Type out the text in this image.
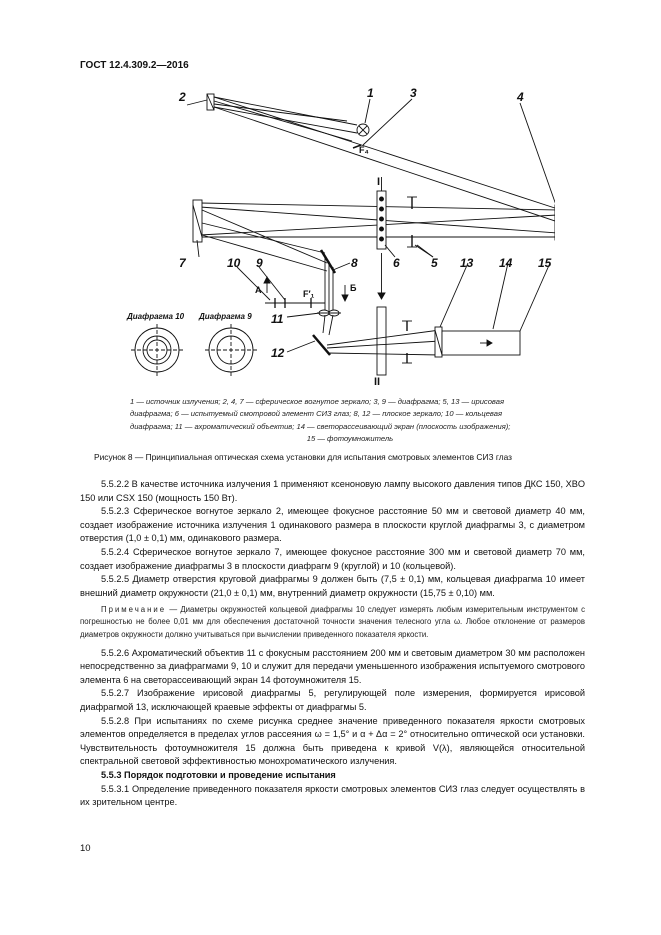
ГОСТ 12.4.309.2—2016
2	1	3	4
7	10 9	8	6	5 13 14 15
11
12
I
II
F₄
F′₁
А	Б
Диафрагма 10 Диафрагма 9
1 — источник излучения; 2, 4, 7 — сферическое вогнутое зеркало; 3, 9 — диафрагма; 5, 13 — ирисовая
диафрагма; 6 — испытуемый смотровой элемент СИЗ глаз; 8, 12 — плоское зеркало; 10 — кольцевая
диафрагма; 11 — ахроматический объектив; 14 — светорассеивающий экран (плоскость изображения);
15 — фотоумножитель
Рисунок 8 — Принципиальная оптическая схема установки для испытания смотровых элементов СИЗ глаз

5.5.2.2 В качестве источника излучения 1 применяют ксеноновую лампу высокого давления типов ДКС 150, XBO 150 или CSX 150 (мощность 150 Вт).

5.5.2.3 Сферическое вогнутое зеркало 2, имеющее фокусное расстояние 50 мм и световой диаметр 40 мм, создает изображение источника излучения 1 одинакового размера в плоскости круглой диафрагмы 3, с диаметром отверстия (1,0 ± 0,1) мм, одинакового размера.

5.5.2.4 Сферическое вогнутое зеркало 7, имеющее фокусное расстояние 300 мм и световой диаметр 70 мм, создает изображение диафрагмы 3 в плоскости диафрагм 9 (круглой) и 10 (кольцевой).

5.5.2.5 Диаметр отверстия круговой диафрагмы 9 должен быть (7,5 ± 0,1) мм, кольцевая диафрагма 10 имеет внешний диаметр окружности (21,0 ± 0,1) мм, внутренний диаметр окружности (15,75 ± 0,10) мм.

Примечание — Диаметры окружностей кольцевой диафрагмы 10 следует измерять любым измерительным инструментом с погрешностью не более 0,01 мм для обеспечения достаточной точности значения телесного угла ω. Любое отклонение от размеров диаметров окружности должно учитываться при вычислении приведенного показателя яркости.

5.5.2.6 Ахроматический объектив 11 с фокусным расстоянием 200 мм и световым диаметром 30 мм расположен непосредственно за диафрагмами 9, 10 и служит для передачи уменьшенного изображения испытуемого смотрового элемента 6 на светорассеивающий экран 14 фотоумножителя 15.

5.5.2.7 Изображение ирисовой диафрагмы 5, регулирующей поле измерения, формируется ирисовой диафрагмой 13, исключающей краевые эффекты от диафрагмы 5.

5.5.2.8 При испытаниях по схеме рисунка среднее значение приведенного показателя яркости смотровых элементов определяется в пределах углов рассеяния ω = 1,5° и α + Δα = 2° относительно оптической оси установки. Чувствительность фотоумножителя 15 должна быть приведена к кривой V(λ), являющейся относительной спектральной световой эффективностью монохроматического излучения.

5.5.3 Порядок подготовки и проведение испытания

5.5.3.1 Определение приведенного показателя яркости смотровых элементов СИЗ глаз следует осуществлять в их зрительном центре.

10
